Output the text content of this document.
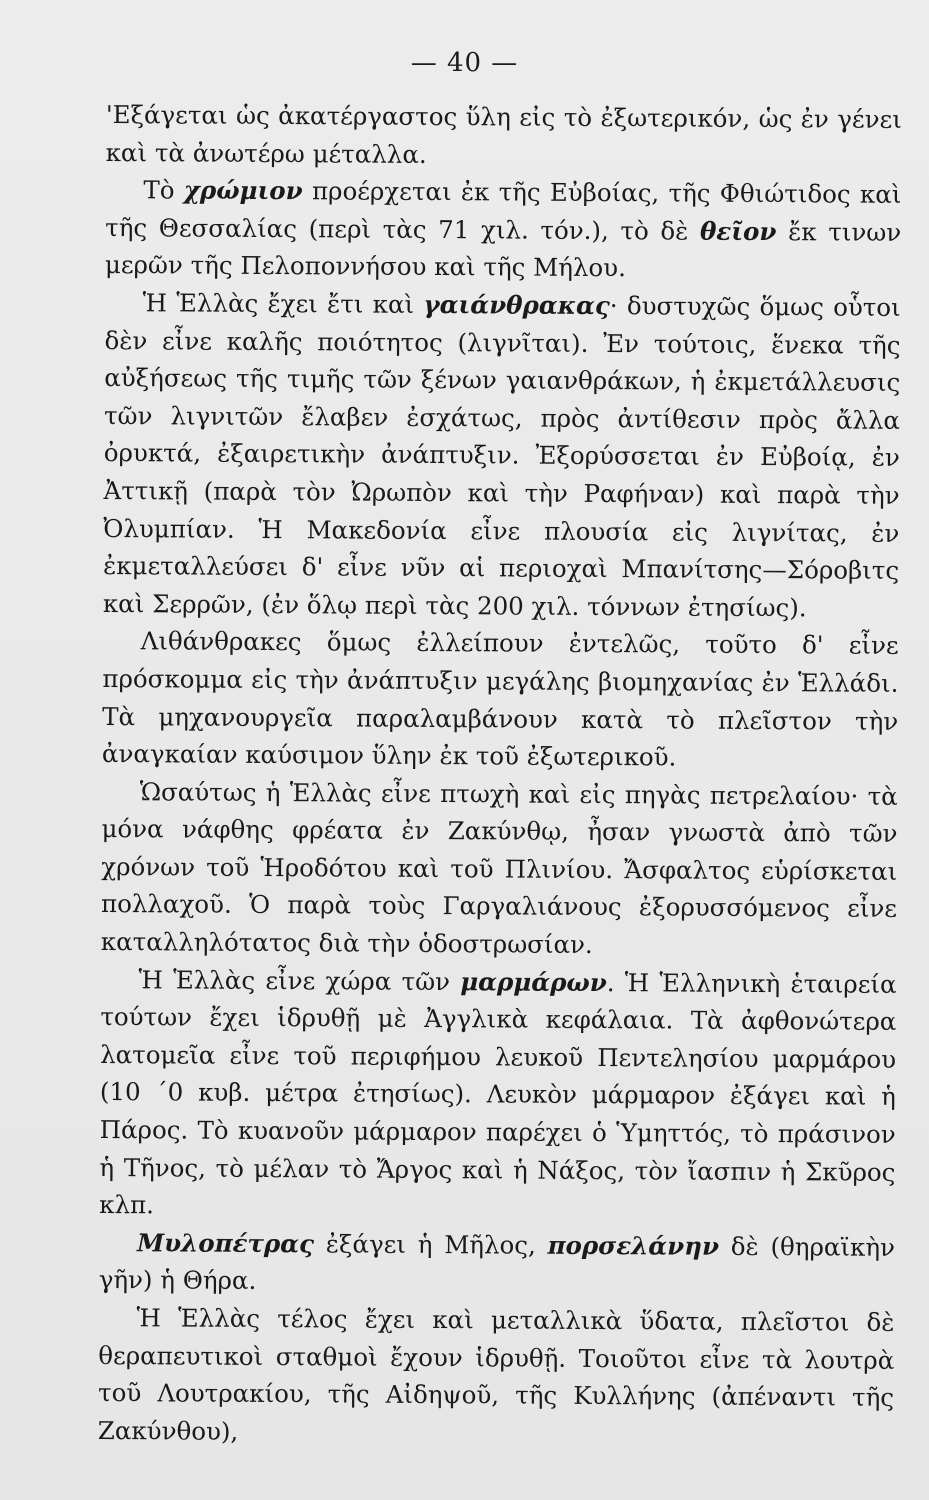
— 40 —

'Εξάγεται ὡς ἀκατέργαστος ὕλη εἰς τὸ ἐξωτερικόν, ὡς ἐν γένει καὶ τὰ ἀνωτέρω μέταλλα.

Τὸ χρώμιον προέρχεται ἐκ τῆς Εὐβοίας, τῆς Φθιώτιδος καὶ τῆς Θεσσαλίας (περὶ τὰς 71 χιλ. τόν.), τὸ δὲ θεῖον ἔκ τινων μερῶν τῆς Πελοποννήσου καὶ τῆς Μήλου.

Ἡ Ἑλλὰς ἔχει ἔτι καὶ γαιάνθρακας· δυστυχῶς ὅμως οὗτοι δὲν εἶνε καλῆς ποιότητος (λιγνῖται). Ἐν τούτοις, ἕνεκα τῆς αὐξήσεως τῆς τιμῆς τῶν ξένων γαιανθράκων, ἡ ἐκμετάλλευσις τῶν λιγνιτῶν ἔλαβεν ἐσχάτως, πρὸς ἀντίθεσιν πρὸς ἄλλα ὀρυκτά, ἐξαιρετικὴν ἀνάπτυξιν. Ἐξορύσσεται ἐν Εὐβοίᾳ, ἐν Ἀττικῇ (παρὰ τὸν Ὠρωπὸν καὶ τὴν Ραφήναν) καὶ παρὰ τὴν Ὀλυμπίαν. Ἡ Μακεδονία εἶνε πλουσία εἰς λιγνίτας, ἐν ἐκμεταλλεύσει δ' εἶνε νῦν αἱ περιοχαὶ Μπανίτσης—Σόροβιτς καὶ Σερρῶν, (ἐν ὅλῳ περὶ τὰς 200 χιλ. τόννων ἐτησίως).

Λιθάνθρακες ὅμως ἐλλείπουν ἐντελῶς, τοῦτο δ' εἶνε πρόσκομμα εἰς τὴν ἀνάπτυξιν μεγάλης βιομηχανίας ἐν Ἑλλάδι. Τὰ μηχανουργεῖα παραλαμβάνουν κατὰ τὸ πλεῖστον τὴν ἀναγκαίαν καύσιμον ὕλην ἐκ τοῦ ἐξωτερικοῦ.

Ὡσαύτως ἡ Ἑλλὰς εἶνε πτωχὴ καὶ εἰς πηγὰς πετρελαίου· τὰ μόνα νάφθης φρέατα ἐν Ζακύνθῳ, ἦσαν γνωστὰ ἀπὸ τῶν χρόνων τοῦ Ἡροδότου καὶ τοῦ Πλινίου. Ἄσφαλτος εὑρίσκεται πολλαχοῦ. Ὁ παρὰ τοὺς Γαργαλιάνους ἐξορυσσόμενος εἶνε καταλληλότατος διὰ τὴν ὁδοστρωσίαν.

Ἡ Ἑλλὰς εἶνε χώρα τῶν μαρμάρων. Ἡ Ἑλληνικὴ ἑταιρεία τούτων ἔχει ἱδρυθῇ μὲ Ἀγγλικὰ κεφάλαια. Τὰ ἀφθονώτερα λατομεῖα εἶνε τοῦ περιφήμου λευκοῦ Πεντελησίου μαρμάρου (10 ΄0 κυβ. μέτρα ἐτησίως). Λευκὸν μάρμαρον ἐξάγει καὶ ἡ Πάρος. Τὸ κυανοῦν μάρμαρον παρέχει ὁ Ὑμηττός, τὸ πράσινον ἡ Τῆνος, τὸ μέλαν τὸ Ἄργος καὶ ἡ Νάξος, τὸν ἴασπιν ἡ Σκῦρος κλπ.

Μυλοπέτρας ἐξάγει ἡ Μῆλος, πορσελάνην δὲ (θηραϊκὴν γῆν) ἡ Θήρα.

Ἡ Ἑλλὰς τέλος ἔχει καὶ μεταλλικὰ ὕδατα, πλεῖστοι δὲ θεραπευτικοὶ σταθμοὶ ἔχουν ἱδρυθῇ. Τοιοῦτοι εἶνε τὰ λουτρὰ τοῦ Λουτρακίου, τῆς Αἰδηψοῦ, τῆς Κυλλήνης (ἀπέναντι τῆς Ζακύνθου),
